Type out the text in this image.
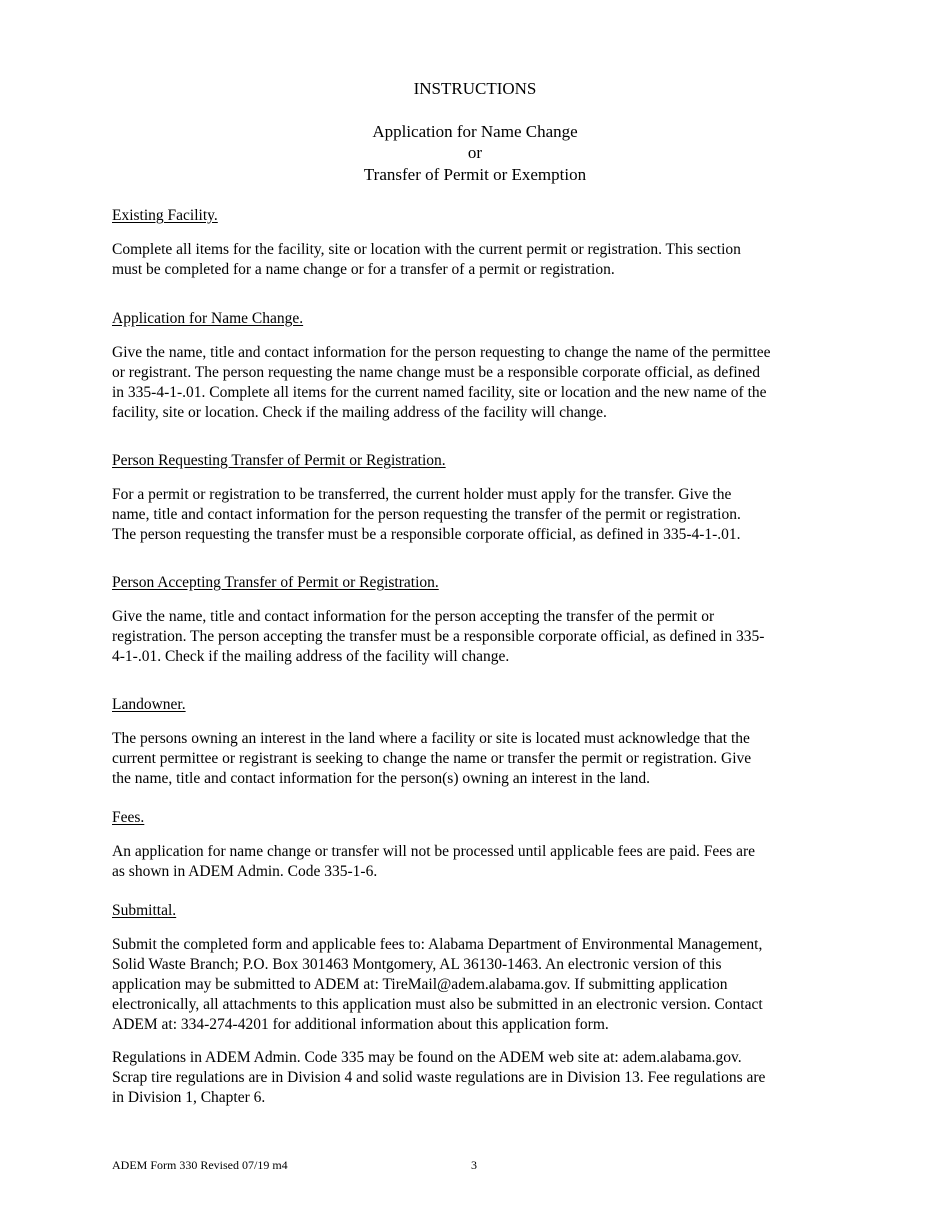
INSTRUCTIONS
Application for Name Change
or
Transfer of Permit or Exemption
Existing Facility.
Complete all items for the facility, site or location with the current permit or registration. This section
must be completed for a name change or for a transfer of a permit or registration.
Application for Name Change.
Give the name, title and contact information for the person requesting to change the name of the permittee
or registrant. The person requesting the name change must be a responsible corporate official, as defined
in 335-4-1-.01. Complete all items for the current named facility, site or location and the new name of the
facility, site or location. Check if the mailing address of the facility will change.
Person Requesting Transfer of Permit or Registration.
For a permit or registration to be transferred, the current holder must apply for the transfer. Give the
name, title and contact information for the person requesting the transfer of the permit or registration.
The person requesting the transfer must be a responsible corporate official, as defined in 335-4-1-.01.
Person Accepting Transfer of Permit or Registration.
Give the name, title and contact information for the person accepting the transfer of the permit or
registration. The person accepting the transfer must be a responsible corporate official, as defined in 335-
4-1-.01. Check if the mailing address of the facility will change.
Landowner.
The persons owning an interest in the land where a facility or site is located must acknowledge that the
current permittee or registrant is seeking to change the name or transfer the permit or registration. Give
the name, title and contact information for the person(s) owning an interest in the land.
Fees.
An application for name change or transfer will not be processed until applicable fees are paid. Fees are
as shown in ADEM Admin. Code 335-1-6.
Submittal.
Submit the completed form and applicable fees to: Alabama Department of Environmental Management,
Solid Waste Branch; P.O. Box 301463 Montgomery, AL 36130-1463. An electronic version of this
application may be submitted to ADEM at: TireMail@adem.alabama.gov. If submitting application
electronically, all attachments to this application must also be submitted in an electronic version. Contact
ADEM at: 334-274-4201 for additional information about this application form.
Regulations in ADEM Admin. Code 335 may be found on the ADEM web site at: adem.alabama.gov.
Scrap tire regulations are in Division 4 and solid waste regulations are in Division 13. Fee regulations are
in Division 1, Chapter 6.
ADEM Form 330 Revised 07/19 m4	3
